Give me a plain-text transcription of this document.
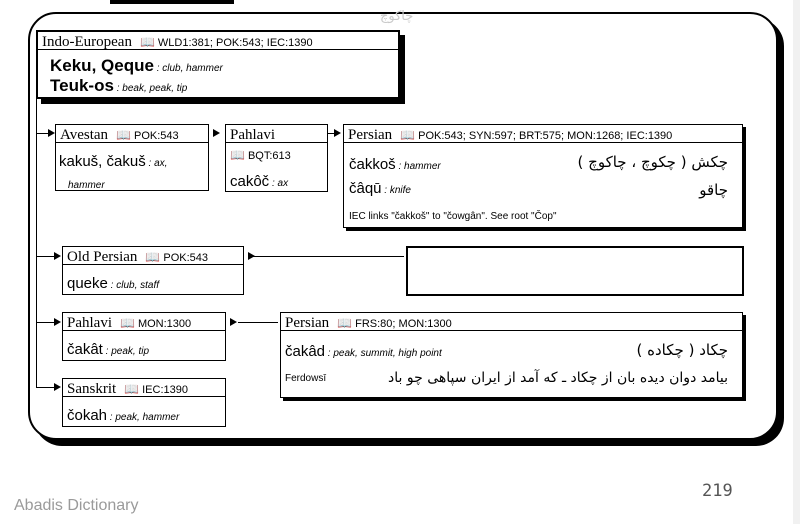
چاکوچ
Indo-European 📖 WLD1:381; POK:543; IEC:1390
Keku, Qeque : club, hammer
Teuk-os : beak, peak, tip
Avestan 📖 POK:543
kakuš, čakuš : ax,
hammer
Pahlavi
📖 BQT:613
cakôč : ax
Persian 📖 POK:543; SYN:597; BRT:575; MON:1268; IEC:1390
čakkoš : hammer	چکش ( چکوچ ، چاکوچ )
čâqū : knife	چاقو
IEC links "čakkoš" to "čowgân". See root "Čop"
Old Persian 📖 POK:543
queke : club, staff
Pahlavi 📖 MON:1300
čakât : peak, tip
Persian 📖 FRS:80; MON:1300
čakâd : peak, summit, high point	چکاد ( چکاده )
Ferdowsī	بیامد دوان دیده بان از چکاد ـ که آمد از ایران سپاهی چو باد
Sanskrit 📖 IEC:1390
čokah : peak, hammer
Abadis Dictionary
219
